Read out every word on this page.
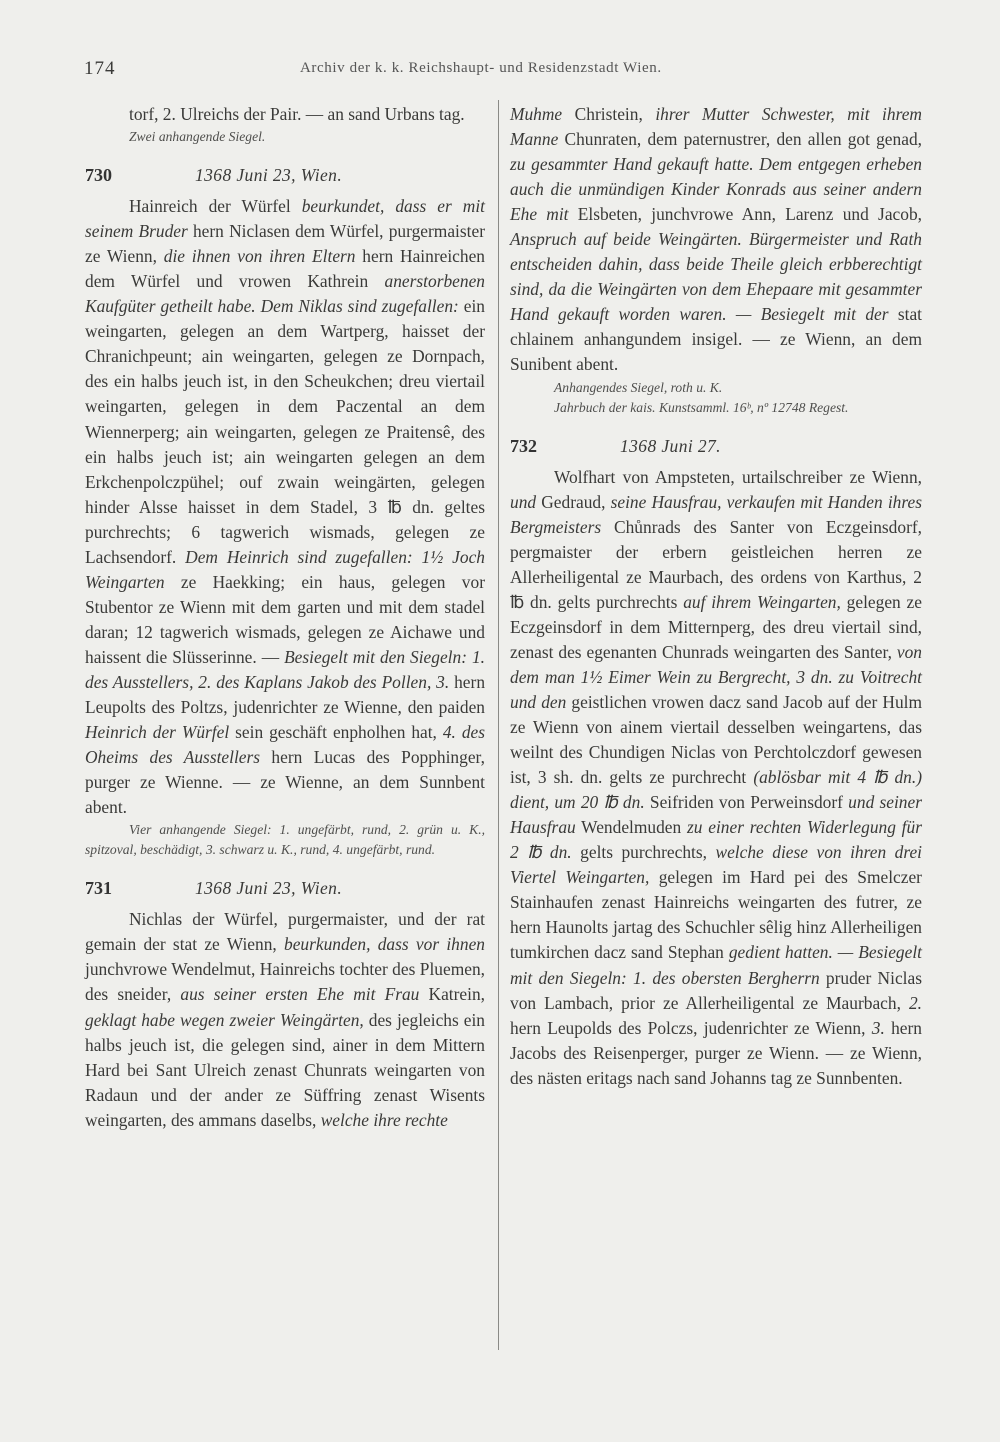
174	Archiv der k. k. Reichshaupt- und Residenzstadt Wien.

torf, 2. Ulreichs der Pair. — an sand Urbans tag.

Zwei anhangende Siegel.

730	1368 Juni 23, Wien.

Hainreich der Würfel beurkundet, dass er mit seinem Bruder hern Niclasen dem Würfel, purgermaister ze Wienn, die ihnen von ihren Eltern hern Hainreichen dem Würfel und vrowen Kathrein anerstorbenen Kaufgüter getheilt habe. Dem Niklas sind zugefallen: ein weingarten, gelegen an dem Wartperg, haisset der Chranichpeunt; ain weingarten, gelegen ze Dornpach, des ein halbs jeuch ist, in den Scheukchen; dreu viertail weingarten, gelegen in dem Paczental an dem Wiennerperg; ain weingarten, gelegen ze Praitensê, des ein halbs jeuch ist; ain weingarten gelegen an dem Erkchenpolczpühel; ouf zwain weingärten, gelegen hinder Alsse haisset in dem Stadel, 3 ℔ dn. geltes purchrechts; 6 tagwerich wismads, gelegen ze Lachsendorf. Dem Heinrich sind zugefallen: 1½ Joch Weingarten ze Haekking; ein haus, gelegen vor Stubentor ze Wienn mit dem garten und mit dem stadel daran; 12 tagwerich wismads, gelegen ze Aichawe und haissent die Slüsserinne. — Besiegelt mit den Siegeln: 1. des Ausstellers, 2. des Kaplans Jakob des Pollen, 3. hern Leupolts des Poltzs, judenrichter ze Wienne, den paiden Heinrich der Würfel sein geschäft enpholhen hat, 4. des Oheims des Ausstellers hern Lucas des Popphinger, purger ze Wienne. — ze Wienne, an dem Sunnbent abent.

Vier anhangende Siegel: 1. ungefärbt, rund, 2. grün u. K., spitzoval, beschädigt, 3. schwarz u. K., rund, 4. ungefärbt, rund.

731	1368 Juni 23, Wien.

Nichlas der Würfel, purgermaister, und der rat gemain der stat ze Wienn, beurkunden, dass vor ihnen junchvrowe Wendelmut, Hainreichs tochter des Pluemen, des sneider, aus seiner ersten Ehe mit Frau Katrein, geklagt habe wegen zweier Weingärten, des jegleichs ein halbs jeuch ist, die gelegen sind, ainer in dem Mittern Hard bei Sant Ulreich zenast Chunrats weingarten von Radaun und der ander ze Süffring zenast Wisents weingarten, des ammans daselbs, welche ihre rechte

Muhme Christein, ihrer Mutter Schwester, mit ihrem Manne Chunraten, dem paternustrer, den allen got genad, zu gesammter Hand gekauft hatte. Dem entgegen erheben auch die unmündigen Kinder Konrads aus seiner andern Ehe mit Elsbeten, junchvrowe Ann, Larenz und Jacob, Anspruch auf beide Weingärten. Bürgermeister und Rath entscheiden dahin, dass beide Theile gleich erbberechtigt sind, da die Weingärten von dem Ehepaare mit gesammter Hand gekauft worden waren. — Besiegelt mit der stat chlainem anhangundem insigel. — ze Wienn, an dem Sunibent abent.

Anhangendes Siegel, roth u. K.

Jahrbuch der kais. Kunstsamml. 16ᵇ, nº 12748 Regest.

732	1368 Juni 27.

Wolfhart von Ampsteten, urtailschreiber ze Wienn, und Gedraud, seine Hausfrau, verkaufen mit Handen ihres Bergmeisters Chůnrads des Santer von Eczgeinsdorf, pergmaister der erbern geistleichen herren ze Allerheiligental ze Maurbach, des ordens von Karthus, 2 ℔ dn. gelts purchrechts auf ihrem Weingarten, gelegen ze Eczgeinsdorf in dem Mitternperg, des dreu viertail sind, zenast des egenanten Chunrads weingarten des Santer, von dem man 1½ Eimer Wein zu Bergrecht, 3 dn. zu Voitrecht und den geistlichen vrowen dacz sand Jacob auf der Hulm ze Wienn von ainem viertail desselben weingartens, das weilnt des Chundigen Niclas von Perchtolczdorf gewesen ist, 3 sh. dn. gelts ze purchrecht (ablösbar mit 4 ℔ dn.) dient, um 20 ℔ dn. Seifriden von Perweinsdorf und seiner Hausfrau Wendelmuden zu einer rechten Widerlegung für 2 ℔ dn. gelts purchrechts, welche diese von ihren drei Viertel Weingarten, gelegen im Hard pei des Smelczer Stainhaufen zenast Hainreichs weingarten des futrer, ze hern Haunolts jartag des Schuchler sêlig hinz Allerheiligen tumkirchen dacz sand Stephan gedient hatten. — Besiegelt mit den Siegeln: 1. des obersten Bergherrn pruder Niclas von Lambach, prior ze Allerheiligental ze Maurbach, 2. hern Leupolds des Polczs, judenrichter ze Wienn, 3. hern Jacobs des Reisenperger, purger ze Wienn. — ze Wienn, des nästen eritags nach sand Johanns tag ze Sunnbenten.
